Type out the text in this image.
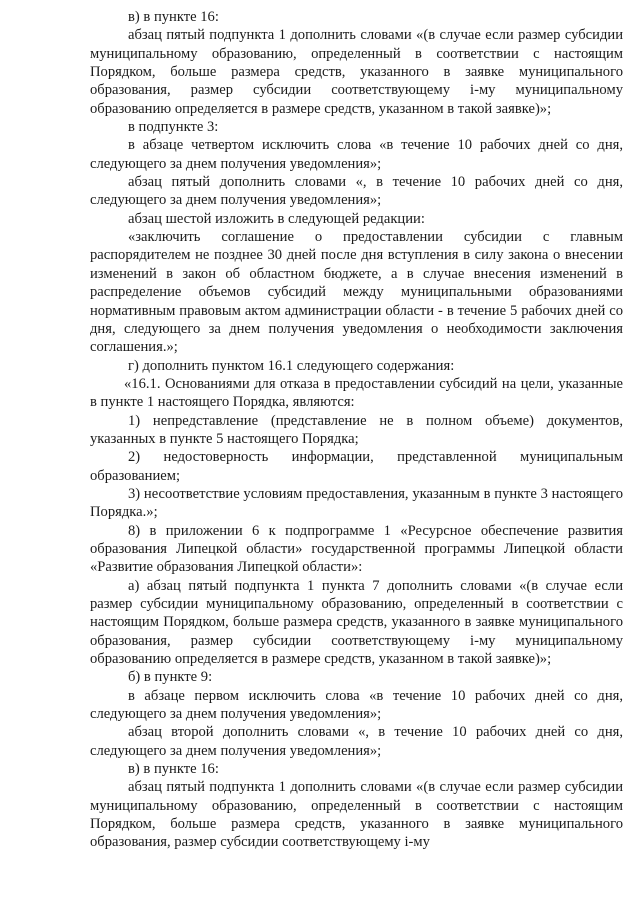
в) в пункте 16:

абзац пятый подпункта 1 дополнить словами «(в случае если размер субсидии муниципальному образованию, определенный в соответствии с настоящим Порядком, больше размера средств, указанного в заявке муниципального образования, размер субсидии соответствующему i-му муниципальному образованию определяется в размере средств, указанном в такой заявке)»;

в подпункте 3:

в абзаце четвертом исключить слова «в течение 10 рабочих дней со дня, следующего за днем получения уведомления»;

абзац пятый дополнить словами «, в течение 10 рабочих дней со дня, следующего за днем получения уведомления»;

абзац шестой изложить в следующей редакции:

«заключить соглашение о предоставлении субсидии с главным распорядителем не позднее 30 дней после дня вступления в силу закона о внесении изменений в закон об областном бюджете, а в случае внесения изменений в распределение объемов субсидий между муниципальными образованиями нормативным правовым актом администрации области - в течение 5 рабочих дней со дня, следующего за днем получения уведомления о необходимости заключения соглашения.»;

г) дополнить пунктом 16.1 следующего содержания:

«16.1. Основаниями для отказа в предоставлении субсидий на цели, указанные в пункте 1 настоящего Порядка, являются:

1) непредставление (представление не в полном объеме) документов, указанных в пункте 5 настоящего Порядка;

2) недостоверность информации, представленной муниципальным образованием;

3) несоответствие условиям предоставления, указанным в пункте 3 настоящего Порядка.»;

8) в приложении 6 к подпрограмме 1 «Ресурсное обеспечение развития образования Липецкой области» государственной программы Липецкой области «Развитие образования Липецкой области»:

а) абзац пятый подпункта 1 пункта 7 дополнить словами «(в случае если размер субсидии муниципальному образованию, определенный в соответствии с настоящим Порядком, больше размера средств, указанного в заявке муниципального образования, размер субсидии соответствующему i-му муниципальному образованию определяется в размере средств, указанном в такой заявке)»;

б) в пункте 9:

в абзаце первом исключить слова «в течение 10 рабочих дней со дня, следующего за днем получения уведомления»;

абзац второй дополнить словами «, в течение 10 рабочих дней со дня, следующего за днем получения уведомления»;

в) в пункте 16:

абзац пятый подпункта 1 дополнить словами «(в случае если размер субсидии муниципальному образованию, определенный в соответствии с настоящим Порядком, больше размера средств, указанного в заявке муниципального образования, размер субсидии соответствующему i-му
